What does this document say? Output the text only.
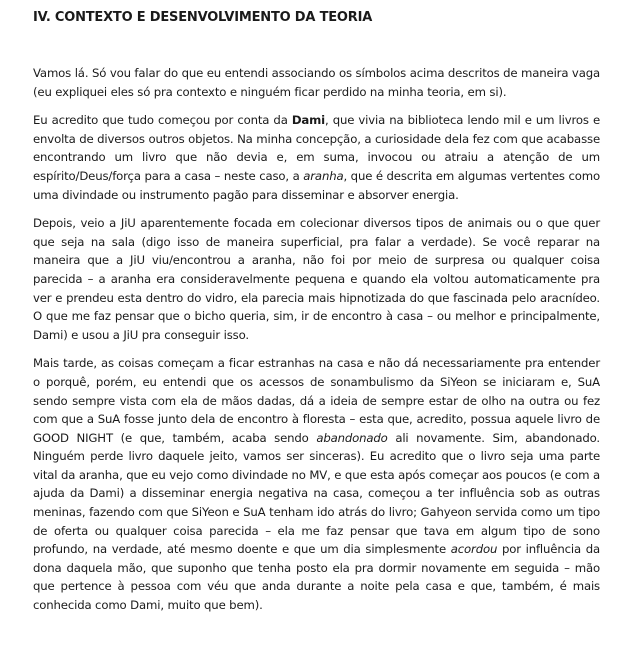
IV. CONTEXTO E DESENVOLVIMENTO DA TEORIA

Vamos lá. Só vou falar do que eu entendi associando os símbolos acima descritos de maneira vaga (eu expliquei eles só pra contexto e ninguém ficar perdido na minha teoria, em si).

Eu acredito que tudo começou por conta da Dami, que vivia na biblioteca lendo mil e um livros e envolta de diversos outros objetos. Na minha concepção, a curiosidade dela fez com que acabasse encontrando um livro que não devia e, em suma, invocou ou atraiu a atenção de um espírito/Deus/força para a casa – neste caso, a aranha, que é descrita em algumas vertentes como uma divindade ou instrumento pagão para disseminar e absorver energia.

Depois, veio a JiU aparentemente focada em colecionar diversos tipos de animais ou o que quer que seja na sala (digo isso de maneira superficial, pra falar a verdade). Se você reparar na maneira que a JiU viu/encontrou a aranha, não foi por meio de surpresa ou qualquer coisa parecida – a aranha era consideravelmente pequena e quando ela voltou automaticamente pra ver e prendeu esta dentro do vidro, ela parecia mais hipnotizada do que fascinada pelo aracnídeo. O que me faz pensar que o bicho queria, sim, ir de encontro à casa – ou melhor e principalmente, Dami) e usou a JiU pra conseguir isso.

Mais tarde, as coisas começam a ficar estranhas na casa e não dá necessariamente pra entender o porquê, porém, eu entendi que os acessos de sonambulismo da SiYeon se iniciaram e, SuA sendo sempre vista com ela de mãos dadas, dá a ideia de sempre estar de olho na outra ou fez com que a SuA fosse junto dela de encontro à floresta – esta que, acredito, possua aquele livro de GOOD NIGHT (e que, também, acaba sendo abandonado ali novamente. Sim, abandonado. Ninguém perde livro daquele jeito, vamos ser sinceras). Eu acredito que o livro seja uma parte vital da aranha, que eu vejo como divindade no MV, e que esta após começar aos poucos (e com a ajuda da Dami) a disseminar energia negativa na casa, começou a ter influência sob as outras meninas, fazendo com que SiYeon e SuA tenham ido atrás do livro; Gahyeon servida como um tipo de oferta ou qualquer coisa parecida – ela me faz pensar que tava em algum tipo de sono profundo, na verdade, até mesmo doente e que um dia simplesmente acordou por influência da dona daquela mão, que suponho que tenha posto ela pra dormir novamente em seguida – mão que pertence à pessoa com véu que anda durante a noite pela casa e que, também, é mais conhecida como Dami, muito que bem).
